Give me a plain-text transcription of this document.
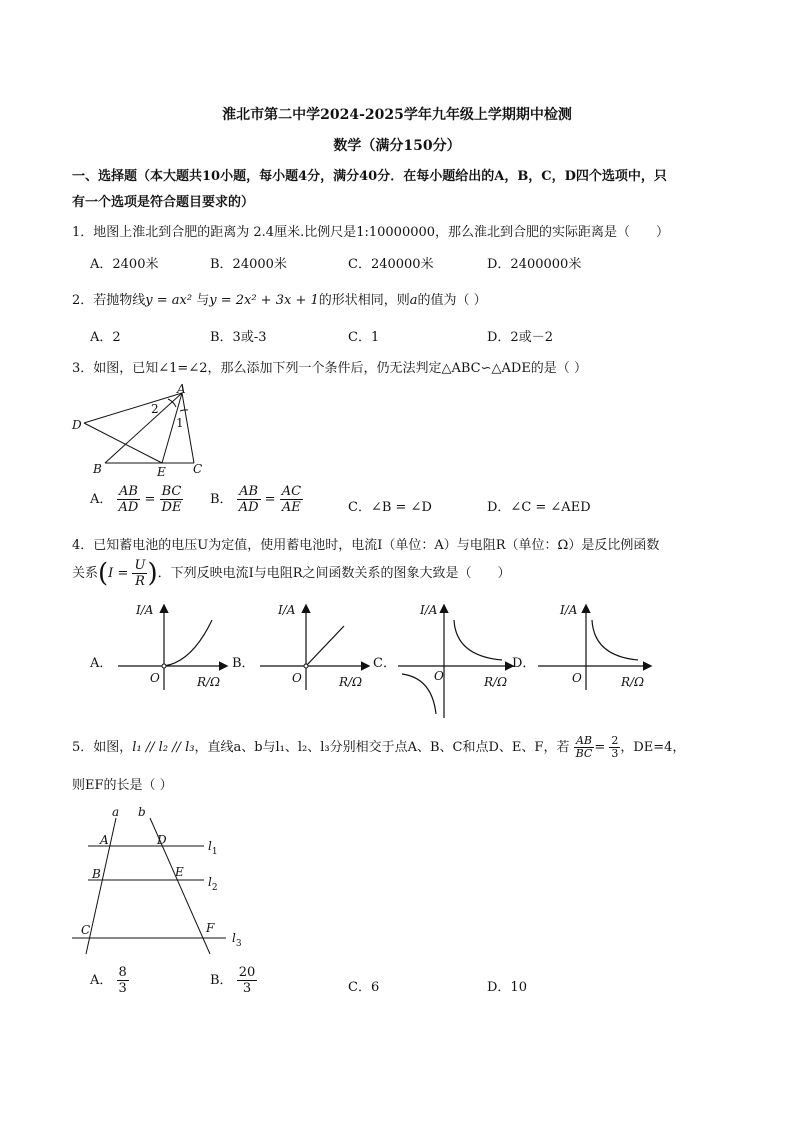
淮北市第二中学2024-2025学年九年级上学期期中检测
数学（满分150分）
一、选择题（本大题共10小题，每小题4分，满分40分．在每小题给出的A，B，C，D四个选项中，只
有一个选项是符合题目要求的）
1．地图上淮北到合肥的距离为 2.4厘米.比例尺是1:10000000，那么淮北到合肥的实际距离是（　　）
A．2400米	B．24000米	C．240000米	D．2400000米
2．若抛物线y = ax² 与y = 2x² + 3x + 1的形状相同，则a的值为（ ）
A．2	B．3或-3	C．1	D．2或－2
3．如图，已知∠1=∠2，那么添加下列一个条件后，仍无法判定△ABC∽△ADE的是（ ）
A
D
B	E C
1
2
A． $\frac{AB}{AD} = \frac{BC}{DE}$ B． $\frac{AB}{AD} = \frac{AC}{AE}$	C．∠B = ∠D	D．∠C = ∠AED
4．已知蓄电池的电压U为定值，使用蓄电池时，电流I（单位：A）与电阻R（单位：Ω）是反比例函数
关系($I = \frac{U}{R}$ )．下列反映电流I与电阻R之间函数关系的图象大致是（　　）
A．	B．	C．	D．
I/A
R/Ω
O
I/A
R/Ω
O
I/A
R/Ω
O
I/A
R/Ω
O
5．如图，l₁ // l₂ // l₃，直线a、b与l₁、l₂、l₃分别相交于点A、B、C和点D、E、F，若 $\frac{AB}{BC} = \frac{2}{3}$ ，DE=4，
则EF的长是（ ）
a b
A	D
B	E
C	F
$l_1$
$l_2$
$l_3$
A． $\frac{8}{3}$	B． $\frac{20}{3}$	C．6	D．10
